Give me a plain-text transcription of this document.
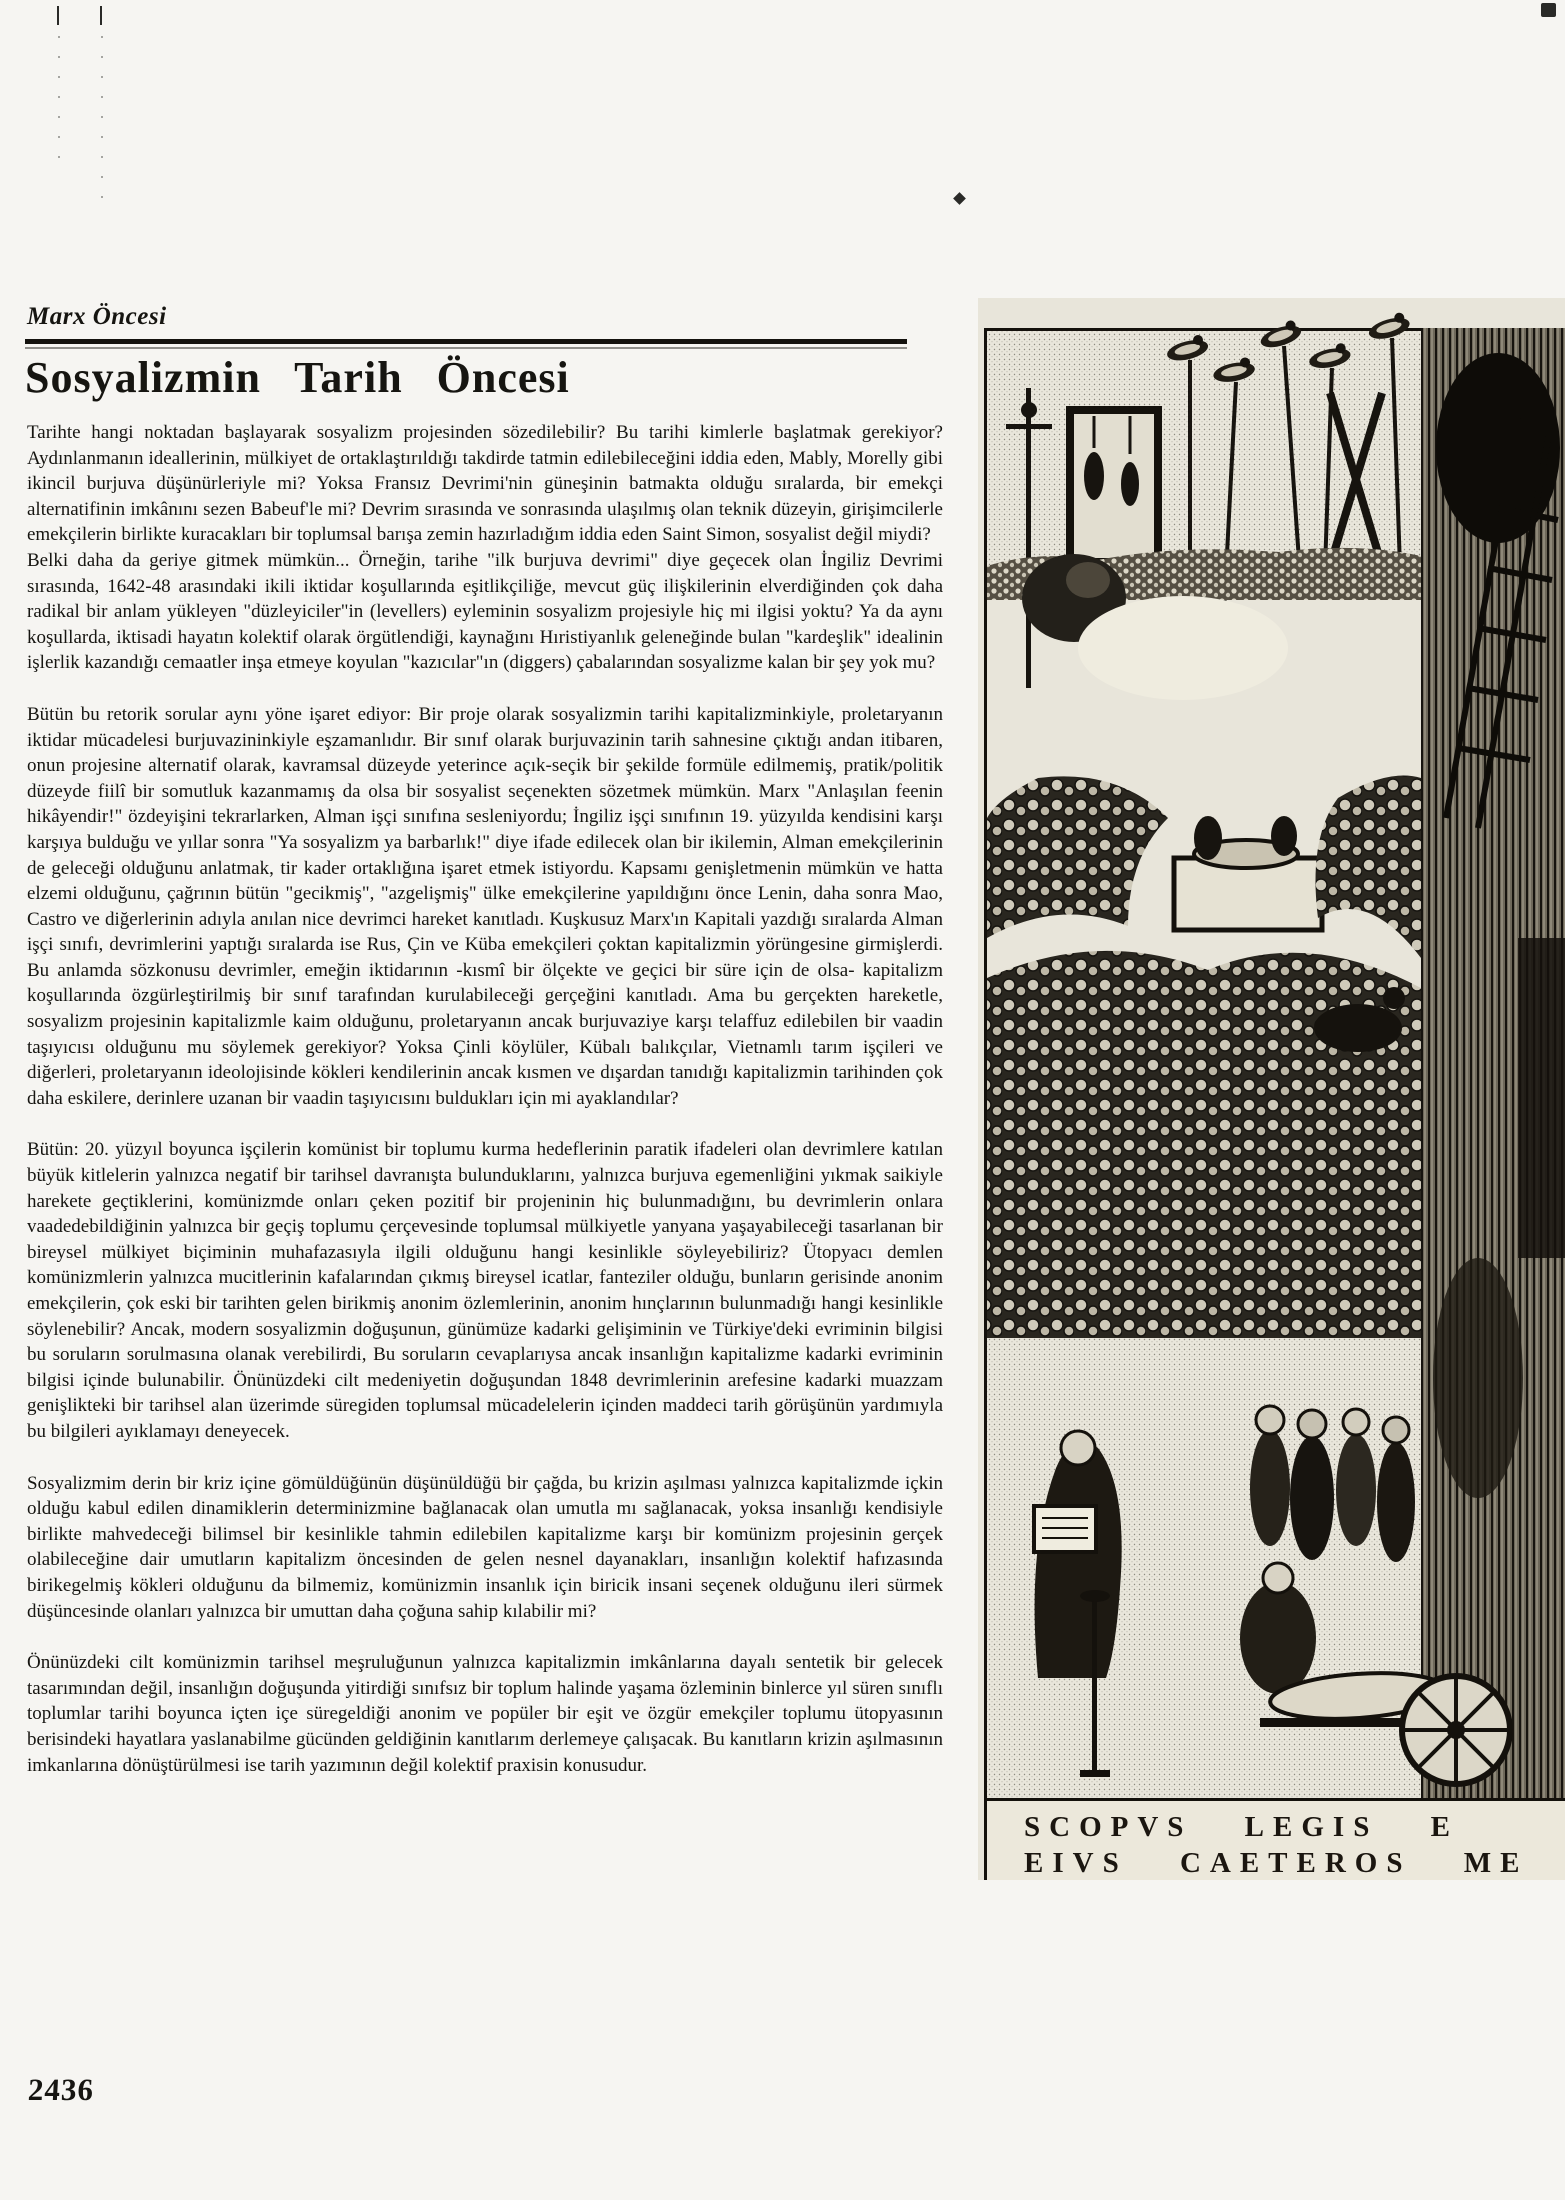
Marx Öncesi
Sosyalizmin Tarih Öncesi

Tarihte hangi noktadan başlayarak sosyalizm projesinden sözedilebilir? Bu tarihi kimlerle başlatmak gerekiyor? Aydınlanmanın ideallerinin, mülkiyet de ortaklaştırıldığı takdirde tatmin edilebileceğini iddia eden, Mably, Morelly gibi ikincil burjuva düşünürleriyle mi? Yoksa Fransız Devrimi'nin güneşinin batmakta olduğu sıralarda, bir emekçi alternatifinin imkânını sezen Babeuf'le mi? Devrim sırasında ve sonrasında ulaşılmış olan teknik düzeyin, girişimcilerle emekçilerin birlikte kuracakları bir toplumsal barışa zemin hazırladığım iddia eden Saint Simon, sosyalist değil miydi?

Belki daha da geriye gitmek mümkün... Örneğin, tarihe "ilk burjuva devrimi" diye geçecek olan İngiliz Devrimi sırasında, 1642-48 arasındaki ikili iktidar koşullarında eşitlikçiliğe, mevcut güç ilişkilerinin elverdiğinden çok daha radikal bir anlam yükleyen "düzleyiciler"in (levellers) eyleminin sosyalizm projesiyle hiç mi ilgisi yoktu? Ya da aynı koşullarda, iktisadi hayatın kolektif olarak örgütlendiği, kaynağını Hıristiyanlık geleneğinde bulan "kardeşlik" idealinin işlerlik kazandığı cemaatler inşa etmeye koyulan "kazıcılar"ın (diggers) çabalarından sosyalizme kalan bir şey yok mu?

Bütün bu retorik sorular aynı yöne işaret ediyor: Bir proje olarak sosyalizmin tarihi kapitalizminkiyle, proletaryanın iktidar mücadelesi burjuvazininkiyle eşzamanlıdır. Bir sınıf olarak burjuvazinin tarih sahnesine çıktığı andan itibaren, onun projesine alternatif olarak, kavramsal düzeyde yeterince açık-seçik bir şekilde formüle edilmemiş, pratik/politik düzeyde fiilî bir somutluk kazanmamış da olsa bir sosyalist seçenekten sözetmek mümkün. Marx "Anlaşılan feenin hikâyendir!" özdeyişini tekrarlarken, Alman işçi sınıfına sesleniyordu; İngiliz işçi sınıfının 19. yüzyılda kendisini karşı karşıya bulduğu ve yıllar sonra "Ya sosyalizm ya barbarlık!" diye ifade edilecek olan bir ikilemin, Alman emekçilerinin de geleceği olduğunu anlatmak, tir kader ortaklığına işaret etmek istiyordu. Kapsamı genişletmenin mümkün ve hatta elzemi olduğunu, çağrının bütün "gecikmiş", "azgelişmiş" ülke emekçilerine yapıldığını önce Lenin, daha sonra Mao, Castro ve diğerlerinin adıyla anılan nice devrimci hareket kanıtladı. Kuşkusuz Marx'ın Kapitali yazdığı sıralarda Alman işçi sınıfı, devrimlerini yaptığı sıralarda ise Rus, Çin ve Küba emekçileri çoktan kapitalizmin yörüngesine girmişlerdi. Bu anlamda sözkonusu devrimler, emeğin iktidarının -kısmî bir ölçekte ve geçici bir süre için de olsa- kapitalizm koşullarında özgürleştirilmiş bir sınıf tarafından kurulabileceği gerçeğini kanıtladı. Ama bu gerçekten hareketle, sosyalizm projesinin kapitalizmle kaim olduğunu, proletaryanın ancak burjuvaziye karşı telaffuz edilebilen bir vaadin taşıyıcısı olduğunu mu söylemek gerekiyor? Yoksa Çinli köylüler, Kübalı balıkçılar, Vietnamlı tarım işçileri ve diğerleri, proletaryanın ideolojisinde kökleri kendilerinin ancak kısmen ve dışardan tanıdığı kapitalizmin tarihinden çok daha eskilere, derinlere uzanan bir vaadin taşıyıcısını buldukları için mi ayaklandılar?

Bütün: 20. yüzyıl boyunca işçilerin komünist bir toplumu kurma hedeflerinin paratik ifadeleri olan devrimlere katılan büyük kitlelerin yalnızca negatif bir tarihsel davranışta bulunduklarını, yalnızca burjuva egemenliğini yıkmak saikiyle harekete geçtiklerini, komünizmde onları çeken pozitif bir projeninin hiç bulunmadığını, bu devrimlerin onlara vaadedebildiğinin yalnızca bir geçiş toplumu çerçevesinde toplumsal mülkiyetle yanyana yaşayabileceği tasarlanan bir bireysel mülkiyet biçiminin muhafazasıyla ilgili olduğunu hangi kesinlikle söyleyebiliriz? Ütopyacı demlen komünizmlerin yalnızca mucitlerinin kafalarından çıkmış bireysel icatlar, fanteziler olduğu, bunların gerisinde anonim emekçilerin, çok eski bir tarihten gelen birikmiş anonim özlemlerinin, anonim hınçlarının bulunmadığı hangi kesinlikle söylenebilir? Ancak, modern sosyalizmin doğuşunun, günümüze kadarki gelişiminin ve Türkiye'deki evriminin bilgisi bu soruların sorulmasına olanak verebilirdi, Bu soruların cevaplarıysa ancak insanlığın kapitalizme kadarki evriminin bilgisi içinde bulunabilir. Önünüzdeki cilt medeniyetin doğuşundan 1848 devrimlerinin arefesine kadarki muazzam genişlikteki bir tarihsel alan üzerimde süregiden toplumsal mücadelelerin içinden maddeci tarih görüşünün yardımıyla bu bilgileri ayıklamayı deneyecek.

Sosyalizmim derin bir kriz içine gömüldüğünün düşünüldüğü bir çağda, bu krizin aşılması yalnızca kapitalizmde içkin olduğu kabul edilen dinamiklerin determinizmine bağlanacak olan umutla mı sağlanacak, yoksa insanlığı kendisiyle birlikte mahvedeceği bilimsel bir kesinlikle tahmin edilebilen kapitalizme karşı bir komünizm projesinin gerçek olabileceğine dair umutların kapitalizm öncesinden de gelen nesnel dayanakları, insanlığın kolektif hafızasında birikegelmiş kökleri olduğunu da bilmemiz, komünizmin insanlık için biricik insani seçenek olduğunu ileri sürmek düşüncesinde olanları yalnızca bir umuttan daha çoğuna sahip kılabilir mi?

Önünüzdeki cilt komünizmin tarihsel meşruluğunun yalnızca kapitalizmin imkânlarına dayalı sentetik bir gelecek tasarımından değil, insanlığın doğuşunda yitirdiği sınıfsız bir toplum halinde yaşama özleminin binlerce yıl süren sınıflı toplumlar tarihi boyunca içten içe süregeldiği anonim ve popüler bir eşit ve özgür emekçiler toplumu ütopyasının berisindeki hayatlara yaslanabilme gücünden geldiğinin kanıtlarım derlemeye çalışacak. Bu kanıtların krizin aşılmasının imkanlarına dönüştürülmesi ise tarih yazımının değil kolektif praxisin konusudur.

SCOPVS LEGIS E
EIVS CAETEROS ME
2436
